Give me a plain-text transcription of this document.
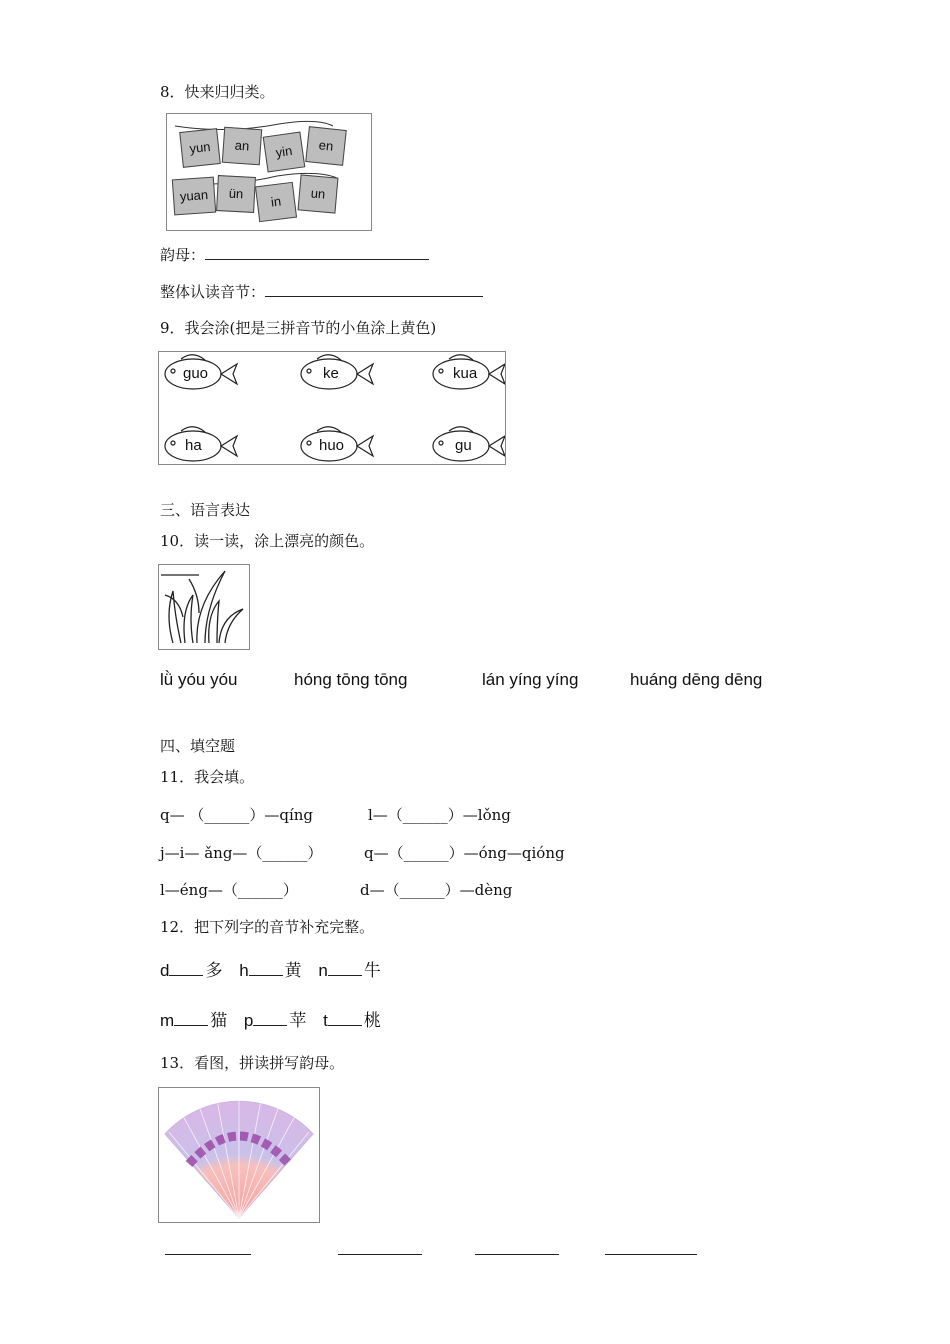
8．快来归归类。
yun	an	yin	en
yuan	ün	in	un
韵母：
整体认读音节：
9．我会涂(把是三拼音节的小鱼涂上黄色)
guo	ke	kua
ha	huo	gu
三、语言表达
10．读一读，涂上漂亮的颜色。
lǜ yóu yóu	hónɡ tōnɡ tōnɡ	lán yínɡ yínɡ	huánɡ dēnɡ dēnɡ
四、填空题
11．我会填。
q— （______）—qíng	l—（______）—lǒng
j—i— ǎng—（______）	q—（______）—óng—qióng
l—éng—（______）	d—（______）—dèng
12．把下列字的音节补充完整。
d 多 h 黄 n 牛
m 猫 p 苹 t 桃
13．看图，拼读拼写韵母。
